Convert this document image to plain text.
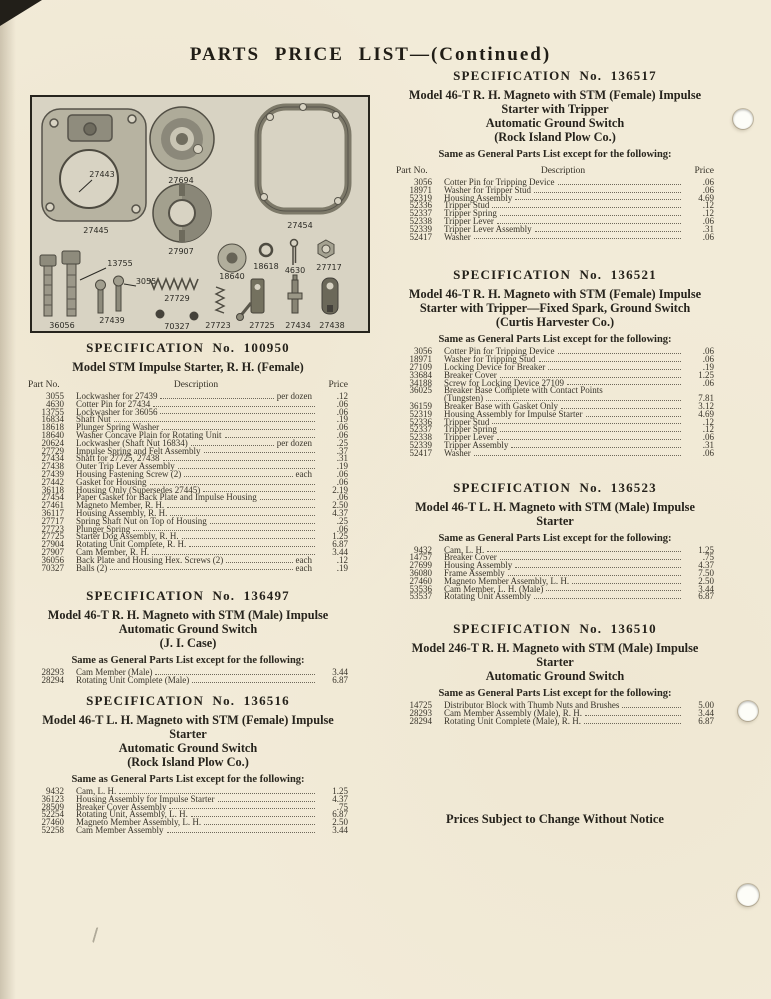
PARTS PRICE LIST—(Continued)
27443
27445
27694
27907
27454
13755
3055
36056
27439
27729
70327
18640
18618 4630 27717
27723 27725 27434 27438
SPECIFICATION No. 100950
Model STM Impulse Starter, R. H. (Female)
Part No.	Description	Price
3055 Lockwasher for 27439	per dozen	.12
4630 Cotter Pin for 27434	.06
13755 Lockwasher for 36056	.06
16834 Shaft Nut	.19
18618 Plunger Spring Washer	.06
18640 Washer Concave Plain for Rotating Unit	.06
20624 Lockwasher (Shaft Nut 16834)	per dozen	.25
27729 Impulse Spring and Felt Assembly	.37
27434 Shaft for 27725, 27438	.31
27438 Outer Trip Lever Assembly	.19
27439 Housing Fastening Screw (2)	each	.06
27442 Gasket for Housing	.06
36118 Housing Only (Supersedes 27445)	2.19
27454 Paper Gasket for Back Plate and Impulse Housing	.06
27461 Magneto Member, R. H.	2.50
36117 Housing Assembly, R. H.	4.37
27717 Spring Shaft Nut on Top of Housing	.25
27723 Plunger Spring	.06
27725 Starter Dog Assembly, R. H.	1.25
27904 Rotating Unit Complete, R. H.	6.87
27907 Cam Member, R. H.	3.44
36056 Back Plate and Housing Hex. Screws (2)	each	.12
70327 Balls (2)	each	.19
SPECIFICATION No. 136497
Model 46-T R. H. Magneto with STM (Male) Impulse
Automatic Ground Switch
(J. I. Case)
Same as General Parts List except for the following:
28293 Cam Member (Male)	3.44
28294 Rotating Unit Complete (Male)	6.87
SPECIFICATION No. 136516
Model 46-T L. H. Magneto with STM (Female) Impulse
Starter
Automatic Ground Switch
(Rock Island Plow Co.)
Same as General Parts List except for the following:
9432 Cam, L. H.	1.25
36123 Housing Assembly for Impulse Starter	4.37
28509 Breaker Cover Assembly	.75
52254 Rotating Unit, Assembly, L. H.	6.87
27460 Magneto Member Assembly, L. H.	2.50
52258 Cam Member Assembly	3.44
SPECIFICATION No. 136517
Model 46-T R. H. Magneto with STM (Female) Impulse
Starter with Tripper
Automatic Ground Switch
(Rock Island Plow Co.)
Same as General Parts List except for the following:
Part No.	Description	Price
3056 Cotter Pin for Tripping Device	.06
18971 Washer for Tripper Stud	.06
52319 Housing Assembly	4.69
52336 Tripper Stud	.12
52337 Tripper Spring	.12
52338 Tripper Lever	.06
52339 Tripper Lever Assembly	.31
52417 Washer	.06
SPECIFICATION No. 136521
Model 46-T R. H. Magneto with STM (Female) Impulse
Starter with Tripper—Fixed Spark, Ground Switch
(Curtis Harvester Co.)
Same as General Parts List except for the following:
3056 Cotter Pin for Tripping Device	.06
18971 Washer for Tripping Stud	.06
27109 Locking Device for Breaker	.19
33684 Breaker Cover	1.25
34188 Screw for Locking Device 27109	.06
36025 Breaker Base Complete with Contact Points
(Tungsten)	7.81
36159 Breaker Base with Gasket Only	3.12
52319 Housing Assembly for Impulse Starter	4.69
52336 Tripper Stud	.12
52337 Tripper Spring	.12
52338 Tripper Lever	.06
52339 Tripper Assembly	.31
52417 Washer	.06
SPECIFICATION No. 136523
Model 46-T L. H. Magneto with STM (Male) Impulse
Starter
Same as General Parts List except for the following:
9432 Cam, L. H.	1.25
14757 Breaker Cover	.75
27699 Housing Assembly	4.37
36080 Frame Assembly	7.50
27460 Magneto Member Assembly, L. H.	2.50
53536 Cam Member, L. H. (Male)	3.44
53537 Rotating Unit Assembly	6.87
SPECIFICATION No. 136510
Model 246-T R. H. Magneto with STM (Male) Impulse
Starter
Automatic Ground Switch
Same as General Parts List except for the following:
14725 Distributor Block with Thumb Nuts and Brushes	5.00
28293 Cam Member Assembly (Male), R. H.	3.44
28294 Rotating Unit Complete (Male), R. H.	6.87
Prices Subject to Change Without Notice
